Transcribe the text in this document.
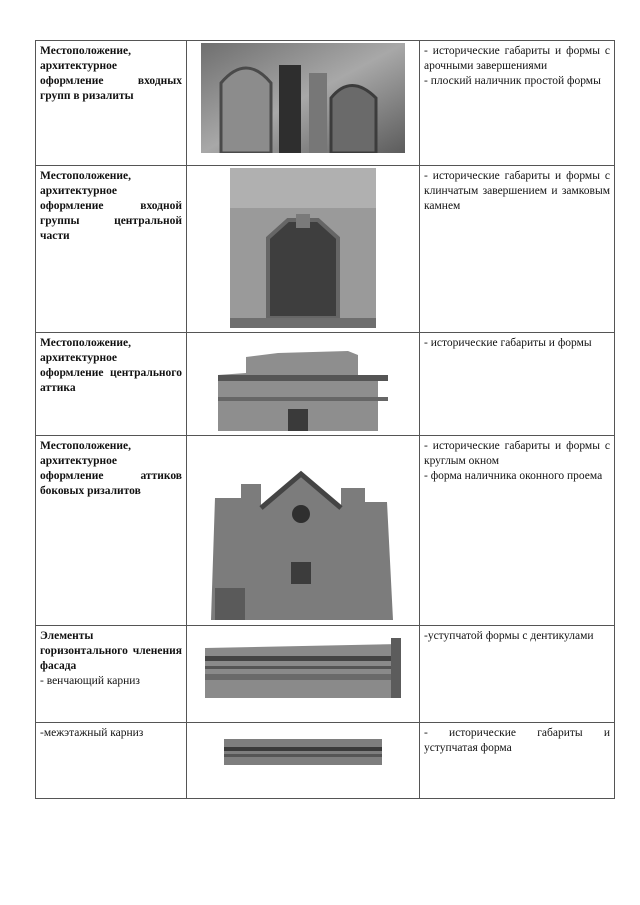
Местоположение, архитектурное оформление входных групп в ризалиты		- исторические габариты и формы с арочными завершениями
- плоский наличник простой формы

Местоположение, архитектурное оформление входной группы центральной части		- исторические габариты и формы с клинчатым завершением и замковым камнем

Местоположение, архитектурное оформление центрального аттика		- исторические габариты и формы

Местоположение, архитектурное оформление аттиков боковых ризалитов		- исторические габариты и формы с круглым окном
- форма наличника оконного проема

Элементы горизонтального членения фасада
- венчающий карниз		-уступчатой формы с дентикулами

-межэтажный карниз		- исторические габариты и уступчатая форма
